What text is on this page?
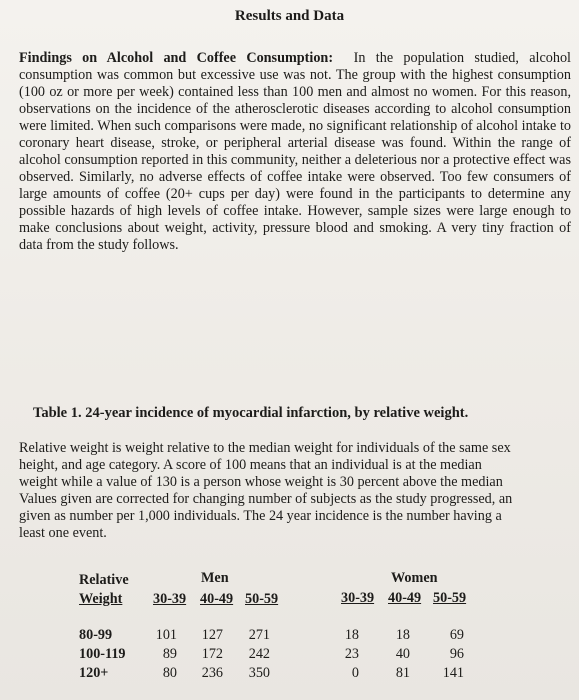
Results and Data

Findings on Alcohol and Coffee Consumption: In the population studied, alcohol consumption was common but excessive use was not. The group with the highest consumption (100 oz or more per week) contained less than 100 men and almost no women. For this reason, observations on the incidence of the atherosclerotic diseases according to alcohol consumption were limited. When such comparisons were made, no significant relationship of alcohol intake to coronary heart disease, stroke, or peripheral arterial disease was found. Within the range of alcohol consumption reported in this community, neither a deleterious nor a protective effect was observed. Similarly, no adverse effects of coffee intake were observed. Too few consumers of large amounts of coffee (20+ cups per day) were found in the participants to determine any possible hazards of high levels of coffee intake. However, sample sizes were large enough to make conclusions about weight, activity, pressure blood and smoking. A very tiny fraction of data from the study follows.

Table 1. 24-year incidence of myocardial infarction, by relative weight.
Relative weight is weight relative to the median weight for individuals of the same sex
height, and age category. A score of 100 means that an individual is at the median
weight while a value of 130 is a person whose weight is 30 percent above the median
Values given are corrected for changing number of subjects as the study progressed, an
given as number per 1,000 individuals. The 24 year incidence is the number having a
least one event.
Relative	Men	Women
Weight 30-39 40-49 50-59	30-39 40-49 50-59
80-99	101	127	271	18	18	69
100-119	89	172	242	23	40	96
120+	80	236	350	0	81	141
